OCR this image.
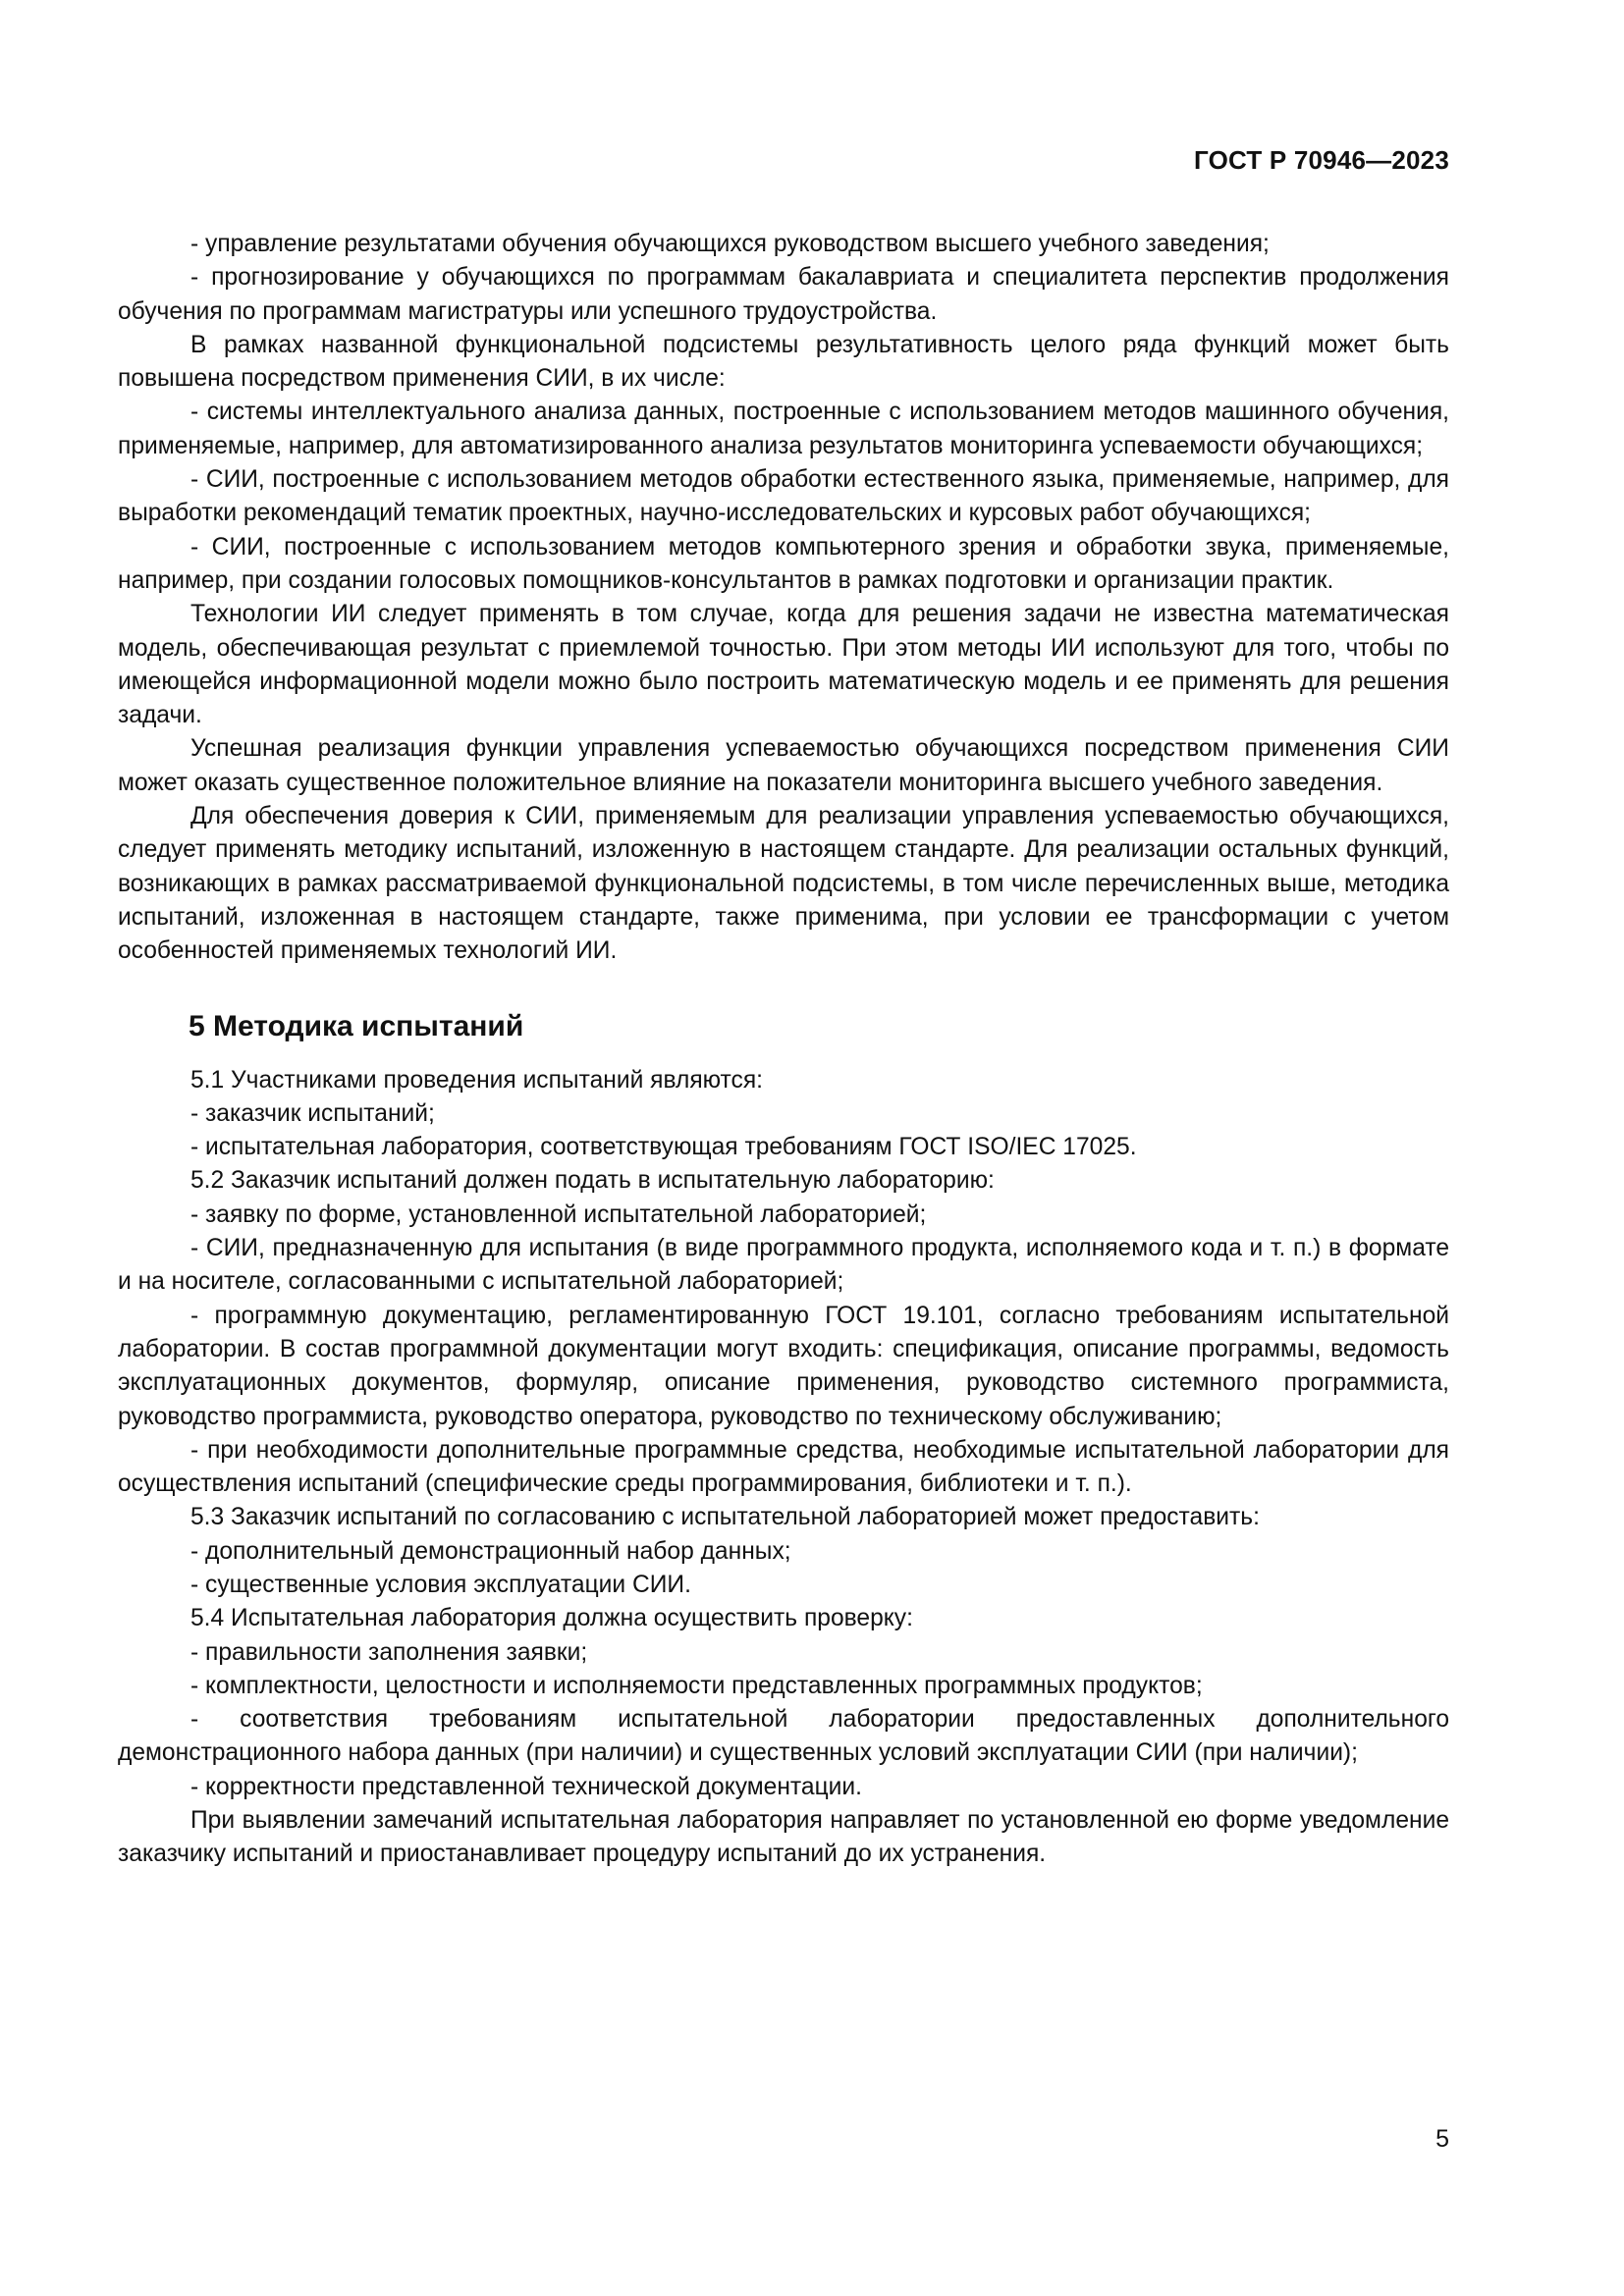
ГОСТ Р 70946—2023

- управление результатами обучения обучающихся руководством высшего учебного заведения;

- прогнозирование у обучающихся по программам бакалавриата и специалитета перспектив продолжения обучения по программам магистратуры или успешного трудоустройства.

В рамках названной функциональной подсистемы результативность целого ряда функций может быть повышена посредством применения СИИ, в их числе:

- системы интеллектуального анализа данных, построенные с использованием методов машинного обучения, применяемые, например, для автоматизированного анализа результатов мониторинга успеваемости обучающихся;

- СИИ, построенные с использованием методов обработки естественного языка, применяемые, например, для выработки рекомендаций тематик проектных, научно-исследовательских и курсовых работ обучающихся;

- СИИ, построенные с использованием методов компьютерного зрения и обработки звука, применяемые, например, при создании голосовых помощников-консультантов в рамках подготовки и организации практик.

Технологии ИИ следует применять в том случае, когда для решения задачи не известна математическая модель, обеспечивающая результат с приемлемой точностью. При этом методы ИИ используют для того, чтобы по имеющейся информационной модели можно было построить математическую модель и ее применять для решения задачи.

Успешная реализация функции управления успеваемостью обучающихся посредством применения СИИ может оказать существенное положительное влияние на показатели мониторинга высшего учебного заведения.

Для обеспечения доверия к СИИ, применяемым для реализации управления успеваемостью обучающихся, следует применять методику испытаний, изложенную в настоящем стандарте. Для реализации остальных функций, возникающих в рамках рассматриваемой функциональной подсистемы, в том числе перечисленных выше, методика испытаний, изложенная в настоящем стандарте, также применима, при условии ее трансформации с учетом особенностей применяемых технологий ИИ.

5 Методика испытаний

5.1 Участниками проведения испытаний являются:

- заказчик испытаний;

- испытательная лаборатория, соответствующая требованиям ГОСТ ISO/IEC 17025.

5.2 Заказчик испытаний должен подать в испытательную лабораторию:

- заявку по форме, установленной испытательной лабораторией;

- СИИ, предназначенную для испытания (в виде программного продукта, исполняемого кода и т. п.) в формате и на носителе, согласованными с испытательной лабораторией;

- программную документацию, регламентированную ГОСТ 19.101, согласно требованиям испытательной лаборатории. В состав программной документации могут входить: спецификация, описание программы, ведомость эксплуатационных документов, формуляр, описание применения, руководство системного программиста, руководство программиста, руководство оператора, руководство по техническому обслуживанию;

- при необходимости дополнительные программные средства, необходимые испытательной лаборатории для осуществления испытаний (специфические среды программирования, библиотеки и т. п.).

5.3 Заказчик испытаний по согласованию с испытательной лабораторией может предоставить:

- дополнительный демонстрационный набор данных;

- существенные условия эксплуатации СИИ.

5.4 Испытательная лаборатория должна осуществить проверку:

- правильности заполнения заявки;

- комплектности, целостности и исполняемости представленных программных продуктов;

- соответствия требованиям испытательной лаборатории предоставленных дополнительного демонстрационного набора данных (при наличии) и существенных условий эксплуатации СИИ (при наличии);

- корректности представленной технической документации.

При выявлении замечаний испытательная лаборатория направляет по установленной ею форме уведомление заказчику испытаний и приостанавливает процедуру испытаний до их устранения.

5
